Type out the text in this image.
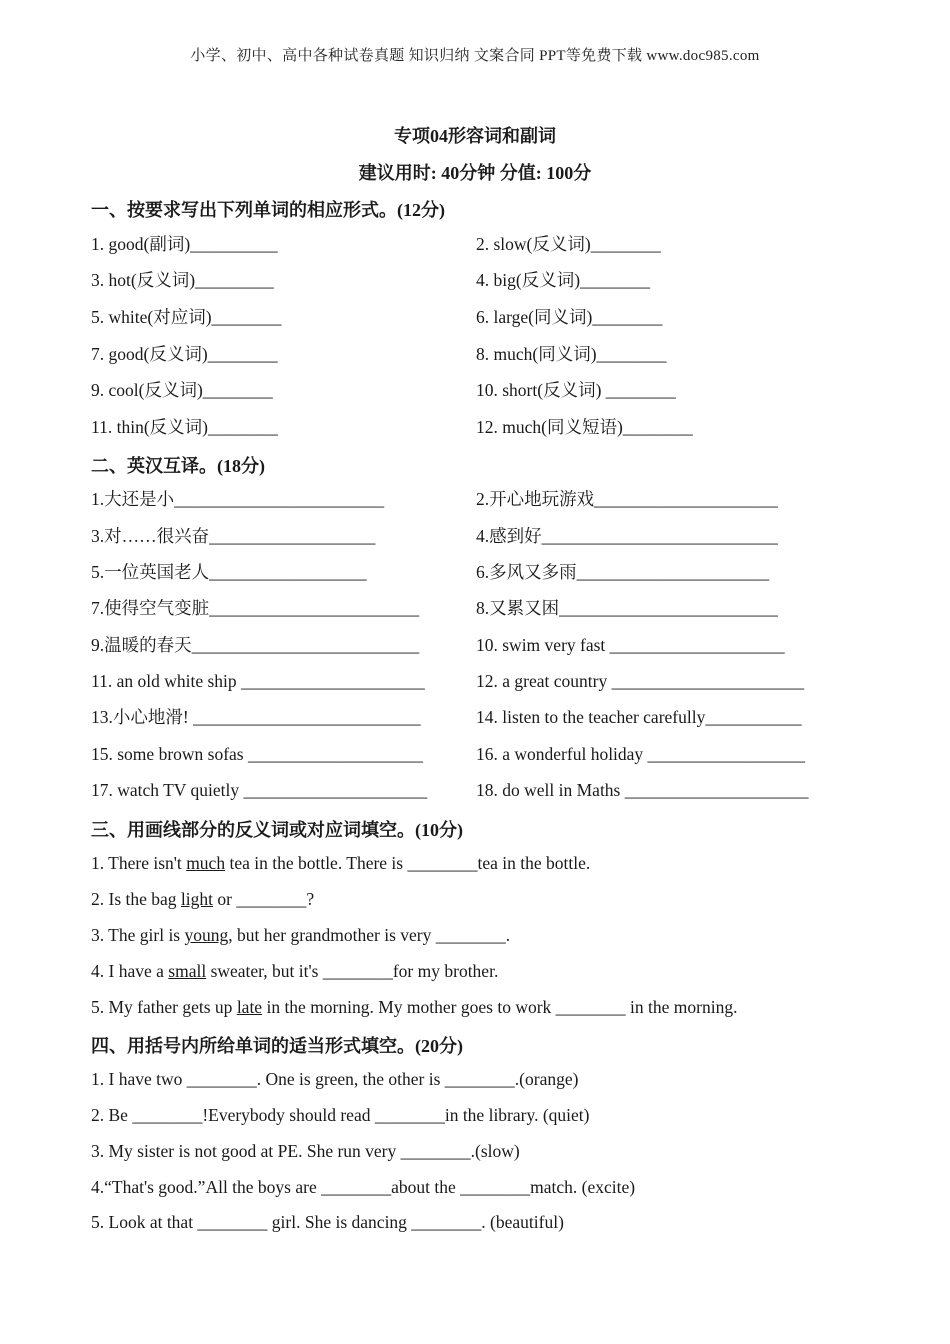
小学、初中、高中各种试卷真题 知识归纳 文案合同 PPT等免费下载 www.doc985.com
专项04形容词和副词
建议用时: 40分钟 分值: 100分
一、按要求写出下列单词的相应形式。(12分)
1. good(副词)__________	2. slow(反义词)________
3. hot(反义词)_________	4. big(反义词)________
5. white(对应词)________	6. large(同义词)________
7. good(反义词)________	8. much(同义词)________
9. cool(反义词)________	10. short(反义词) ________
11. thin(反义词)________	12. much(同义短语)________
二、英汉互译。(18分)
1.大还是小________________________	2.开心地玩游戏_____________________
3.对……很兴奋___________________	4.感到好___________________________
5.一位英国老人__________________	6.多风又多雨______________________
7.使得空气变脏________________________	8.又累又困_________________________
9.温暖的春天__________________________	10. swim very fast ____________________
11. an old white ship _____________________	12. a great country ______________________
13.小心地滑! __________________________	14. listen to the teacher carefully___________
15. some brown sofas ____________________	16. a wonderful holiday __________________
17. watch TV quietly _____________________	18. do well in Maths _____________________
三、用画线部分的反义词或对应词填空。(10分)
1. There isn't much tea in the bottle. There is ________tea in the bottle.
2. Is the bag light or ________?
3. The girl is young, but her grandmother is very ________.
4. I have a small sweater, but it's ________for my brother.
5. My father gets up late in the morning. My mother goes to work ________ in the morning.
四、用括号内所给单词的适当形式填空。(20分)
1. I have two ________. One is green, the other is ________.(orange)
2. Be ________!Everybody should read ________in the library. (quiet)
3. My sister is not good at PE. She run very ________.(slow)
4.“That's good.”All the boys are ________about the ________match. (excite)
5. Look at that ________ girl. She is dancing ________. (beautiful)
